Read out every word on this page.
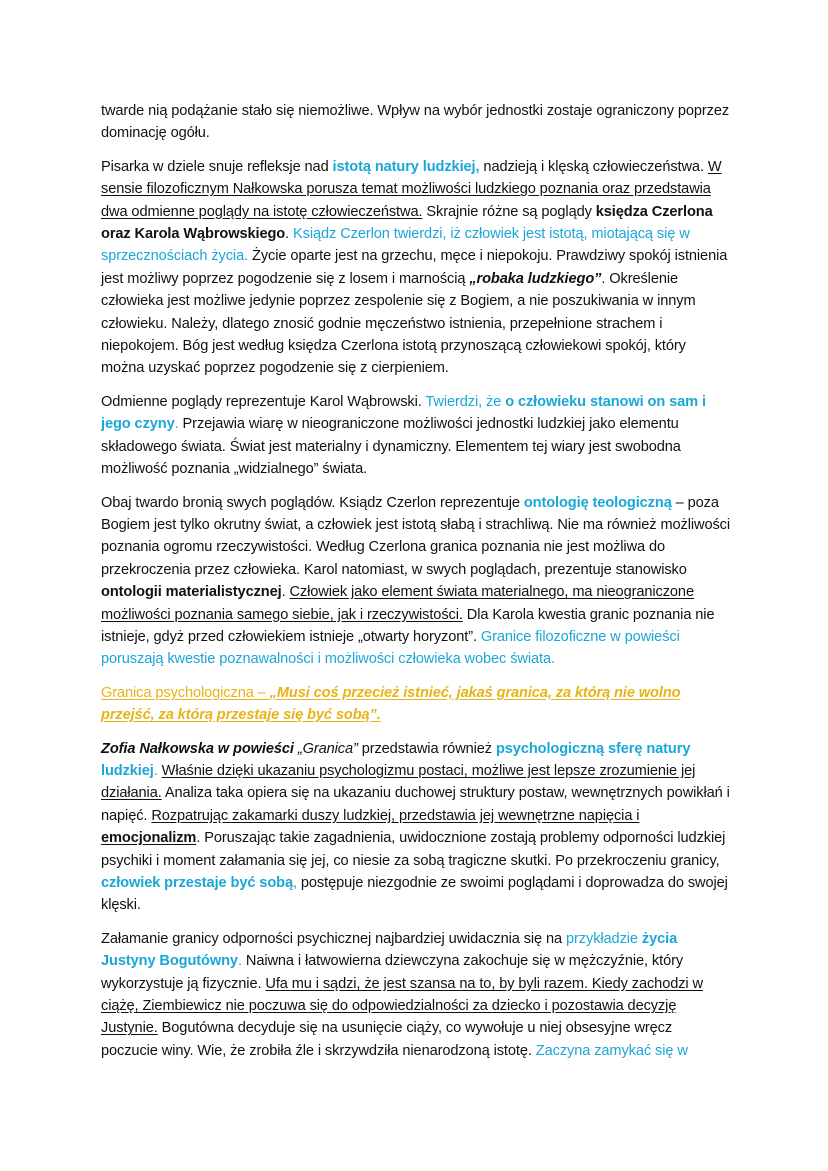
twarde nią podążanie stało się niemożliwe. Wpływ na wybór jednostki zostaje ograniczony poprzez dominację ogółu.

Pisarka w dziele snuje refleksje nad istotą natury ludzkiej, nadzieją i klęską człowieczeństwa. W sensie filozoficznym Nałkowska porusza temat możliwości ludzkiego poznania oraz przedstawia dwa odmienne poglądy na istotę człowieczeństwa. Skrajnie różne są poglądy księdza Czerlona oraz Karola Wąbrowskiego. Ksiądz Czerlon twierdzi, iż człowiek jest istotą, miotającą się w sprzecznościach życia. Życie oparte jest na grzechu, męce i niepokoju. Prawdziwy spokój istnienia jest możliwy poprzez pogodzenie się z losem i marnością „robaka ludzkiego”. Określenie człowieka jest możliwe jedynie poprzez zespolenie się z Bogiem, a nie poszukiwania w innym człowieku. Należy, dlatego znosić godnie męczeństwo istnienia, przepełnione strachem i niepokojem. Bóg jest według księdza Czerlona istotą przynoszącą człowiekowi spokój, który można uzyskać poprzez pogodzenie się z cierpieniem.

Odmienne poglądy reprezentuje Karol Wąbrowski. Twierdzi, że o człowieku stanowi on sam i jego czyny. Przejawia wiarę w nieograniczone możliwości jednostki ludzkiej jako elementu składowego świata. Świat jest materialny i dynamiczny. Elementem tej wiary jest swobodna możliwość poznania „widzialnego” świata.

Obaj twardo bronią swych poglądów. Ksiądz Czerlon reprezentuje ontologię teologiczną – poza Bogiem jest tylko okrutny świat, a człowiek jest istotą słabą i strachliwą. Nie ma również możliwości poznania ogromu rzeczywistości. Według Czerlona granica poznania nie jest możliwa do przekroczenia przez człowieka. Karol natomiast, w swych poglądach, prezentuje stanowisko ontologii materialistycznej. Człowiek jako element świata materialnego, ma nieograniczone możliwości poznania samego siebie, jak i rzeczywistości. Dla Karola kwestia granic poznania nie istnieje, gdyż przed człowiekiem istnieje „otwarty horyzont”. Granice filozoficzne w powieści poruszają kwestie poznawalności i możliwości człowieka wobec świata.

Granica psychologiczna – „Musi coś przecież istnieć, jakaś granica, za którą nie wolno przejść, za którą przestaje się być sobą”.

Zofia Nałkowska w powieści „Granica” przedstawia również psychologiczną sferę natury ludzkiej. Właśnie dzięki ukazaniu psychologizmu postaci, możliwe jest lepsze zrozumienie jej działania. Analiza taka opiera się na ukazaniu duchowej struktury postaw, wewnętrznych powikłań i napięć. Rozpatrując zakamarki duszy ludzkiej, przedstawia jej wewnętrzne napięcia i emocjonalizm. Poruszając takie zagadnienia, uwidocznione zostają problemy odporności ludzkiej psychiki i moment załamania się jej, co niesie za sobą tragiczne skutki. Po przekroczeniu granicy, człowiek przestaje być sobą, postępuje niezgodnie ze swoimi poglądami i doprowadza do swojej klęski.

Załamanie granicy odporności psychicznej najbardziej uwidacznia się na przykładzie życia Justyny Bogutówny. Naiwna i łatwowierna dziewczyna zakochuje się w mężczyźnie, który wykorzystuje ją fizycznie. Ufa mu i sądzi, że jest szansa na to, by byli razem. Kiedy zachodzi w ciążę, Ziembiewicz nie poczuwa się do odpowiedzialności za dziecko i pozostawia decyzję Justynie. Bogutówna decyduje się na usunięcie ciąży, co wywołuje u niej obsesyjne wręcz poczucie winy. Wie, że zrobiła źle i skrzywdziła nienarodzoną istotę. Zaczyna zamykać się w
